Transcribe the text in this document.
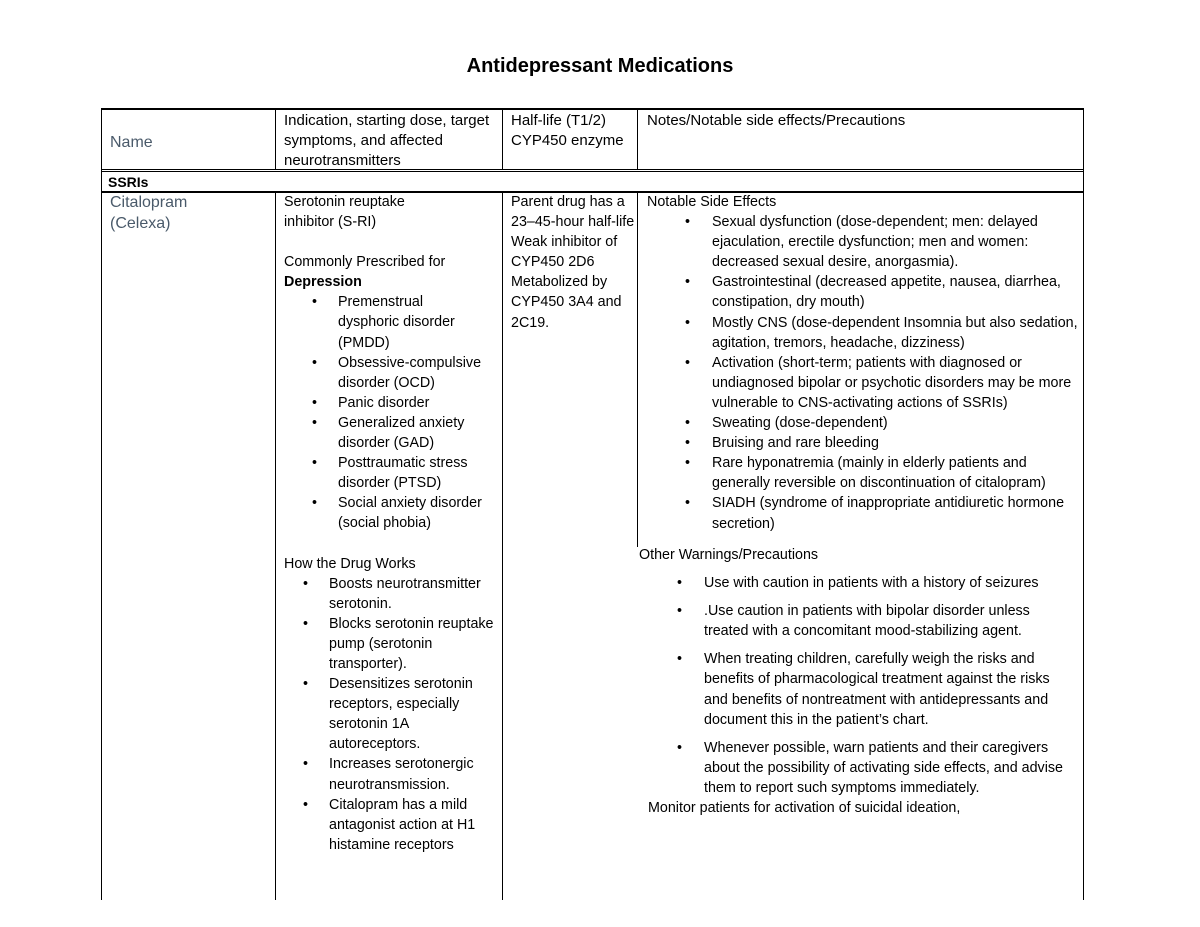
Antidepressant Medications
Name
Indication, starting dose, target symptoms, and affected neurotransmitters
Half-life (T1/2)
CYP450 enzyme
Notes/Notable side effects/Precautions
SSRIs
Citalopram
(Celexa)
Serotonin reuptake
inhibitor (S-RI)
Commonly Prescribed for
Depression
• Premenstrual dysphoric disorder (PMDD)
• Obsessive-compulsive disorder (OCD)
• Panic disorder
• Generalized anxiety disorder (GAD)
• Posttraumatic stress disorder (PTSD)
• Social anxiety disorder (social phobia)
How the Drug Works
• Boosts neurotransmitter serotonin.
• Blocks serotonin reuptake pump (serotonin transporter).
• Desensitizes serotonin receptors, especially serotonin 1A autoreceptors.
• Increases serotonergic neurotransmission.
• Citalopram has a mild antagonist action at H1 histamine receptors
Parent drug has a 23–45-hour half-life Weak inhibitor of CYP450 2D6 Metabolized by CYP450 3A4 and 2C19.
Notable Side Effects
• Sexual dysfunction (dose-dependent; men: delayed ejaculation, erectile dysfunction; men and women: decreased sexual desire, anorgasmia).
• Gastrointestinal (decreased appetite, nausea, diarrhea, constipation, dry mouth)
• Mostly CNS (dose-dependent Insomnia but also sedation, agitation, tremors, headache, dizziness)
• Activation (short-term; patients with diagnosed or undiagnosed bipolar or psychotic disorders may be more vulnerable to CNS-activating actions of SSRIs)
• Sweating (dose-dependent)
• Bruising and rare bleeding
• Rare hyponatremia (mainly in elderly patients and generally reversible on discontinuation of citalopram)
• SIADH (syndrome of inappropriate antidiuretic hormone secretion)
Other Warnings/Precautions
• Use with caution in patients with a history of seizures
• .Use caution in patients with bipolar disorder unless treated with a concomitant mood-stabilizing agent.
• When treating children, carefully weigh the risks and benefits of pharmacological treatment against the risks and benefits of nontreatment with antidepressants and document this in the patient’s chart.
• Whenever possible, warn patients and their caregivers about the possibility of activating side effects, and advise them to report such symptoms immediately.
Monitor patients for activation of suicidal ideation,
